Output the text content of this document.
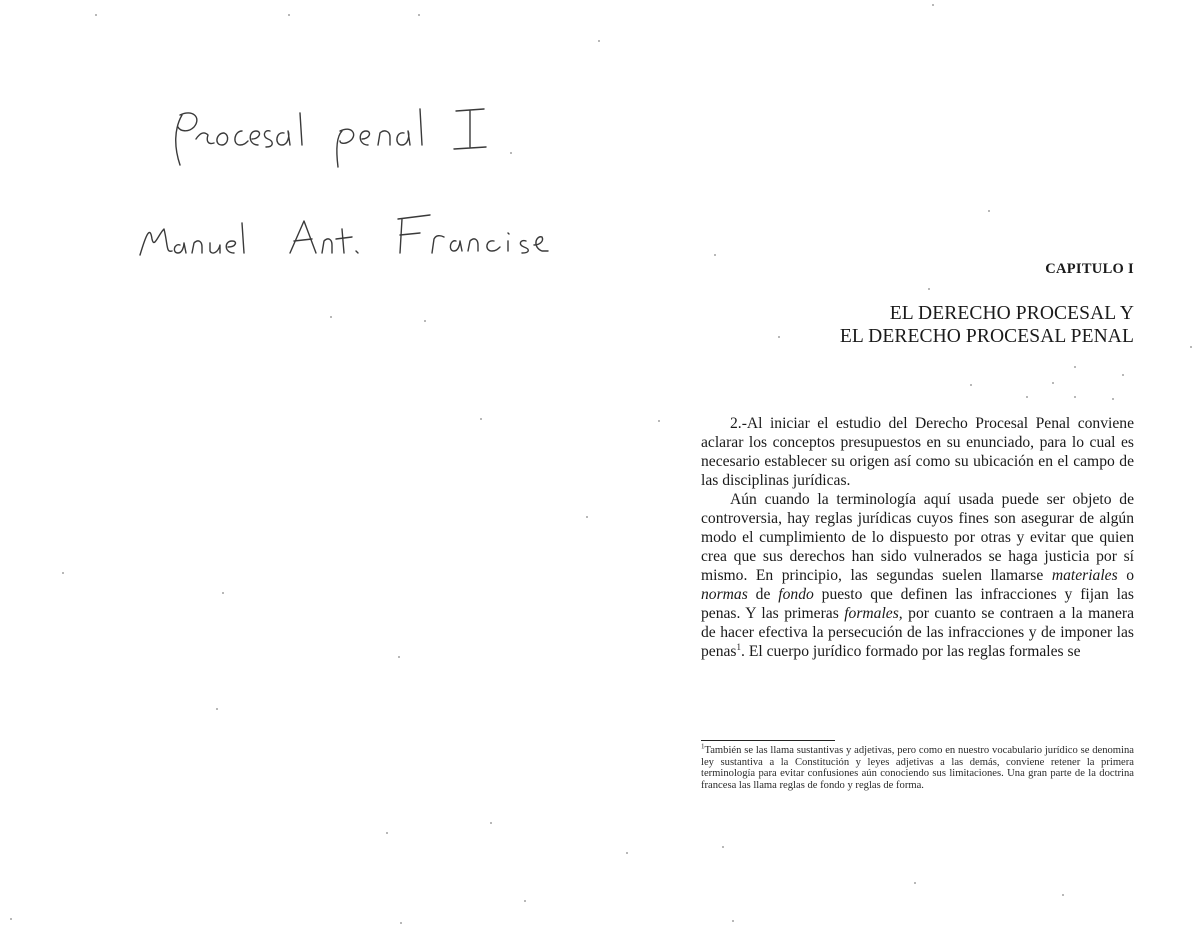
CAPITULO I
EL DERECHO PROCESAL Y
EL DERECHO PROCESAL PENAL

2.-Al iniciar el estudio del Derecho Procesal Penal conviene aclarar los conceptos presupuestos en su enunciado, para lo cual es necesario establecer su origen así como su ubicación en el campo de las disciplinas jurídicas.

Aún cuando la terminología aquí usada puede ser objeto de controversia, hay reglas jurídicas cuyos fines son asegurar de algún modo el cumplimiento de lo dispuesto por otras y evitar que quien crea que sus derechos han sido vulnerados se haga justicia por sí mismo. En principio, las segundas suelen llamarse materiales o normas de fondo puesto que definen las infracciones y fijan las penas. Y las primeras formales, por cuanto se contraen a la manera de hacer efectiva la persecución de las infracciones y de imponer las penas$^1$. El cuerpo jurídico formado por las reglas formales se

$^1$También se las llama sustantivas y adjetivas, pero como en nuestro vocabulario jurídico se denomina ley sustantiva a la Constitución y leyes adjetivas a las demás, conviene retener la primera terminología para evitar confusiones aún conociendo sus limitaciones. Una gran parte de la doctrina francesa las llama reglas de fondo y reglas de forma.
